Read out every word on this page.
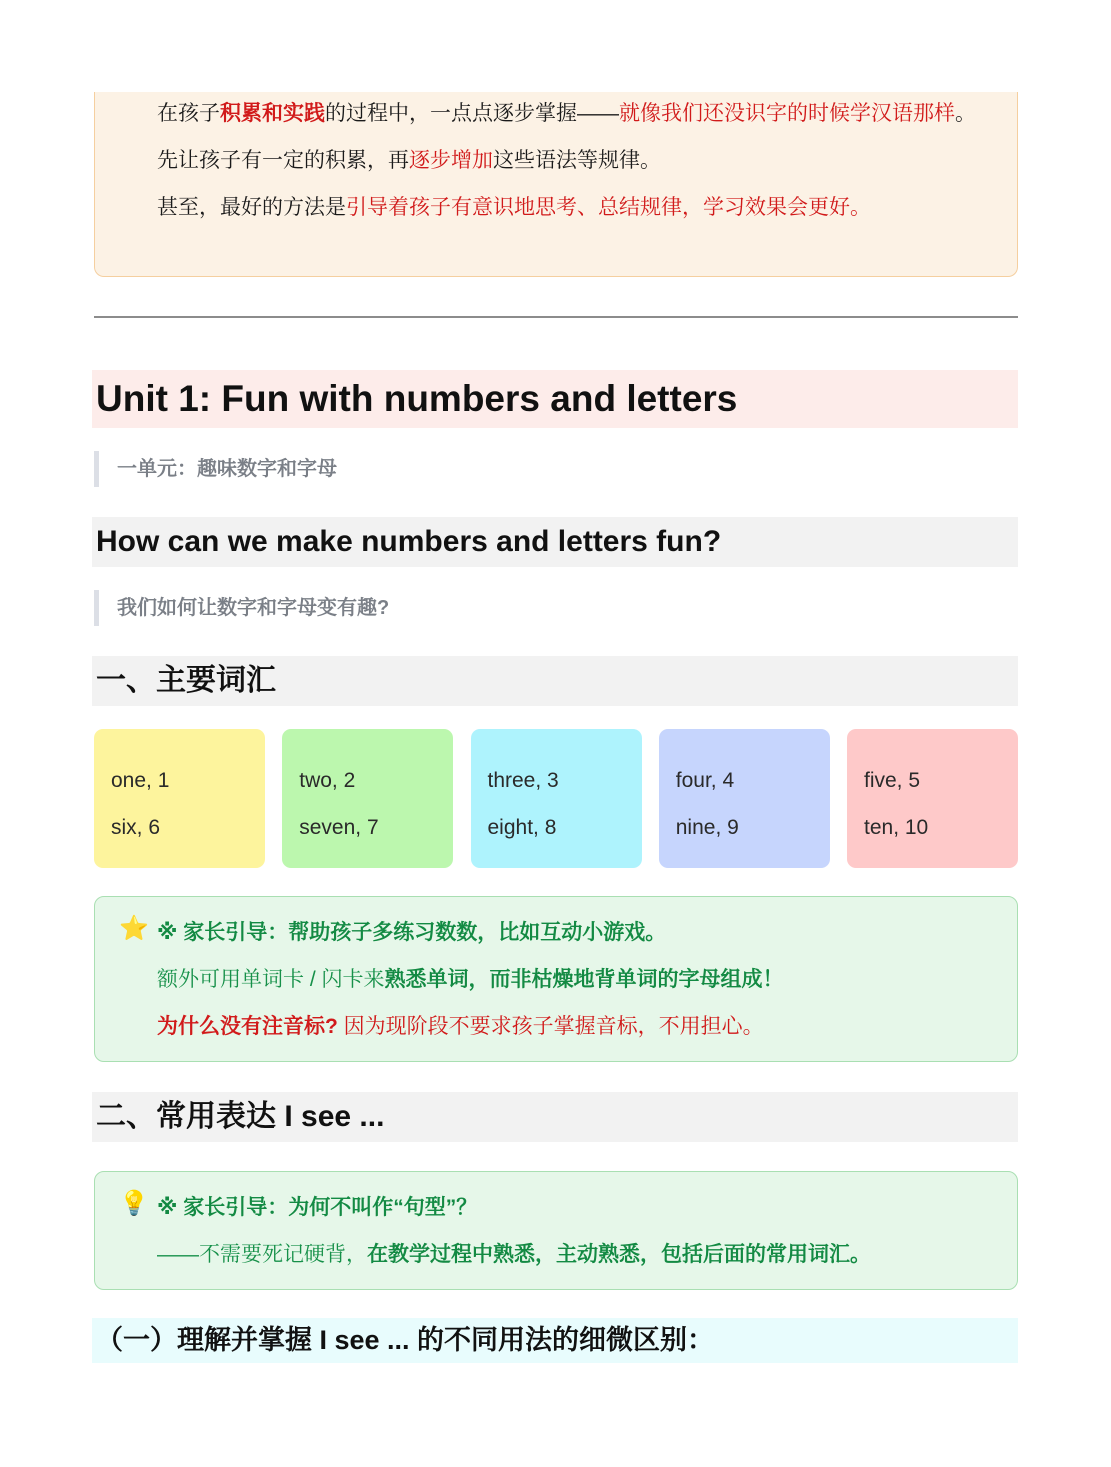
在孩子积累和实践的过程中，一点点逐步掌握——就像我们还没识字的时候学汉语那样。

先让孩子有一定的积累，再逐步增加这些语法等规律。

甚至，最好的方法是引导着孩子有意识地思考、总结规律，学习效果会更好。

Unit 1: Fun with numbers and letters
一单元：趣味数字和字母
How can we make numbers and letters fun?
我们如何让数字和字母变有趣?
一、主要词汇
one, 1
six, 6
two, 2
seven, 7
three, 3
eight, 8
four, 4
nine, 9
five, 5
ten, 10
⭐ ※ 家长引导：帮助孩子多练习数数，比如互动小游戏。
额外可用单词卡 / 闪卡来熟悉单词，而非枯燥地背单词的字母组成！
为什么没有注音标? 因为现阶段不要求孩子掌握音标，不用担心。
二、常用表达 I see ...
💡 ※ 家长引导：为何不叫作“句型”？
——不需要死记硬背，在教学过程中熟悉，主动熟悉，包括后面的常用词汇。
（一）理解并掌握 I see ... 的不同用法的细微区别：
